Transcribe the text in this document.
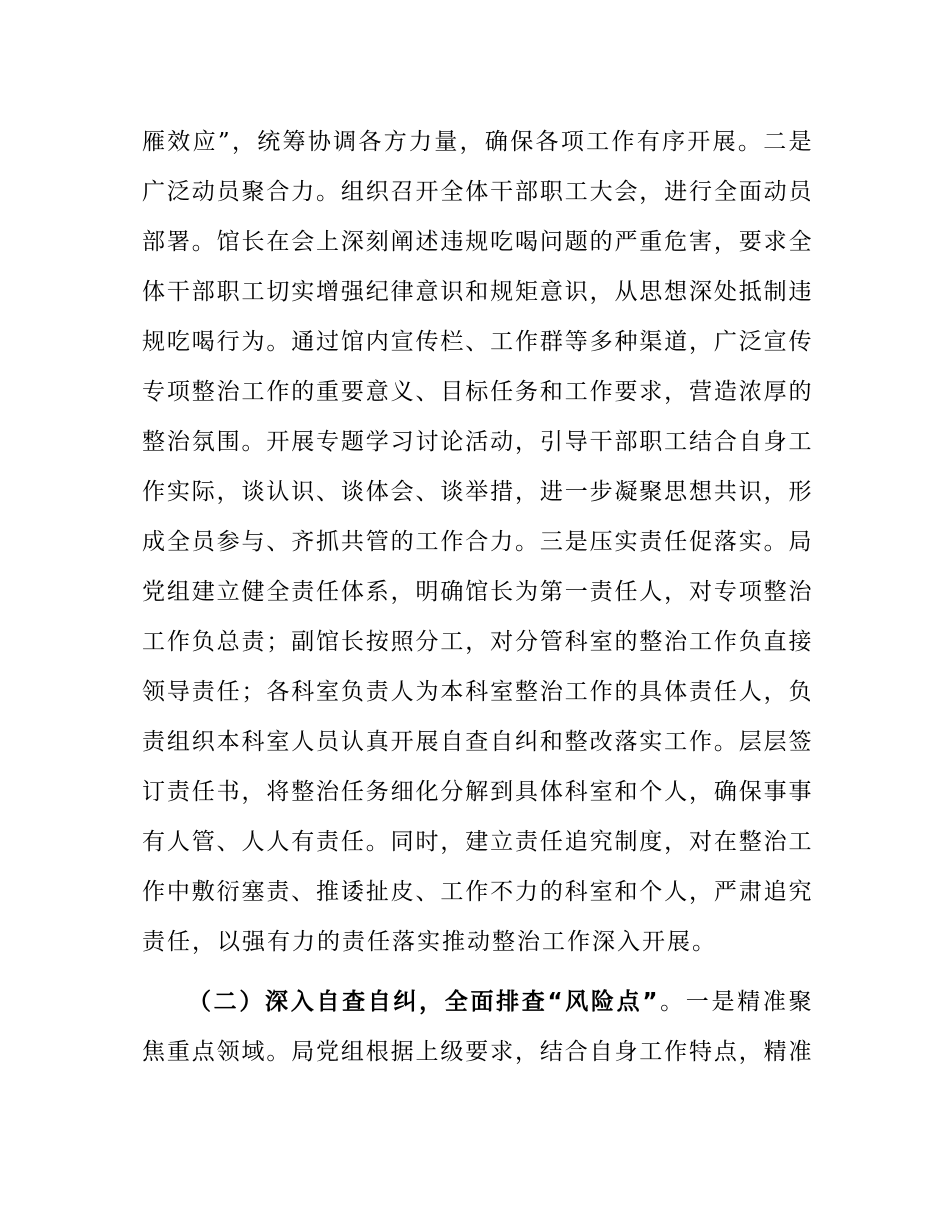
雁效应”，统筹协调各方力量，确保各项工作有序开展。二是
广泛动员聚合力。组织召开全体干部职工大会，进行全面动员
部署。馆长在会上深刻阐述违规吃喝问题的严重危害，要求全
体干部职工切实增强纪律意识和规矩意识，从思想深处抵制违
规吃喝行为。通过馆内宣传栏、工作群等多种渠道，广泛宣传
专项整治工作的重要意义、目标任务和工作要求，营造浓厚的
整治氛围。开展专题学习讨论活动，引导干部职工结合自身工
作实际，谈认识、谈体会、谈举措，进一步凝聚思想共识，形
成全员参与、齐抓共管的工作合力。三是压实责任促落实。局
党组建立健全责任体系，明确馆长为第一责任人，对专项整治
工作负总责；副馆长按照分工，对分管科室的整治工作负直接
领导责任；各科室负责人为本科室整治工作的具体责任人，负
责组织本科室人员认真开展自查自纠和整改落实工作。层层签
订责任书，将整治任务细化分解到具体科室和个人，确保事事
有人管、人人有责任。同时，建立责任追究制度，对在整治工
作中敷衍塞责、推诿扯皮、工作不力的科室和个人，严肃追究
责任，以强有力的责任落实推动整治工作深入开展。
（二）深入自查自纠，全面排查“风险点”。一是精准聚
焦重点领域。局党组根据上级要求，结合自身工作特点，精准
